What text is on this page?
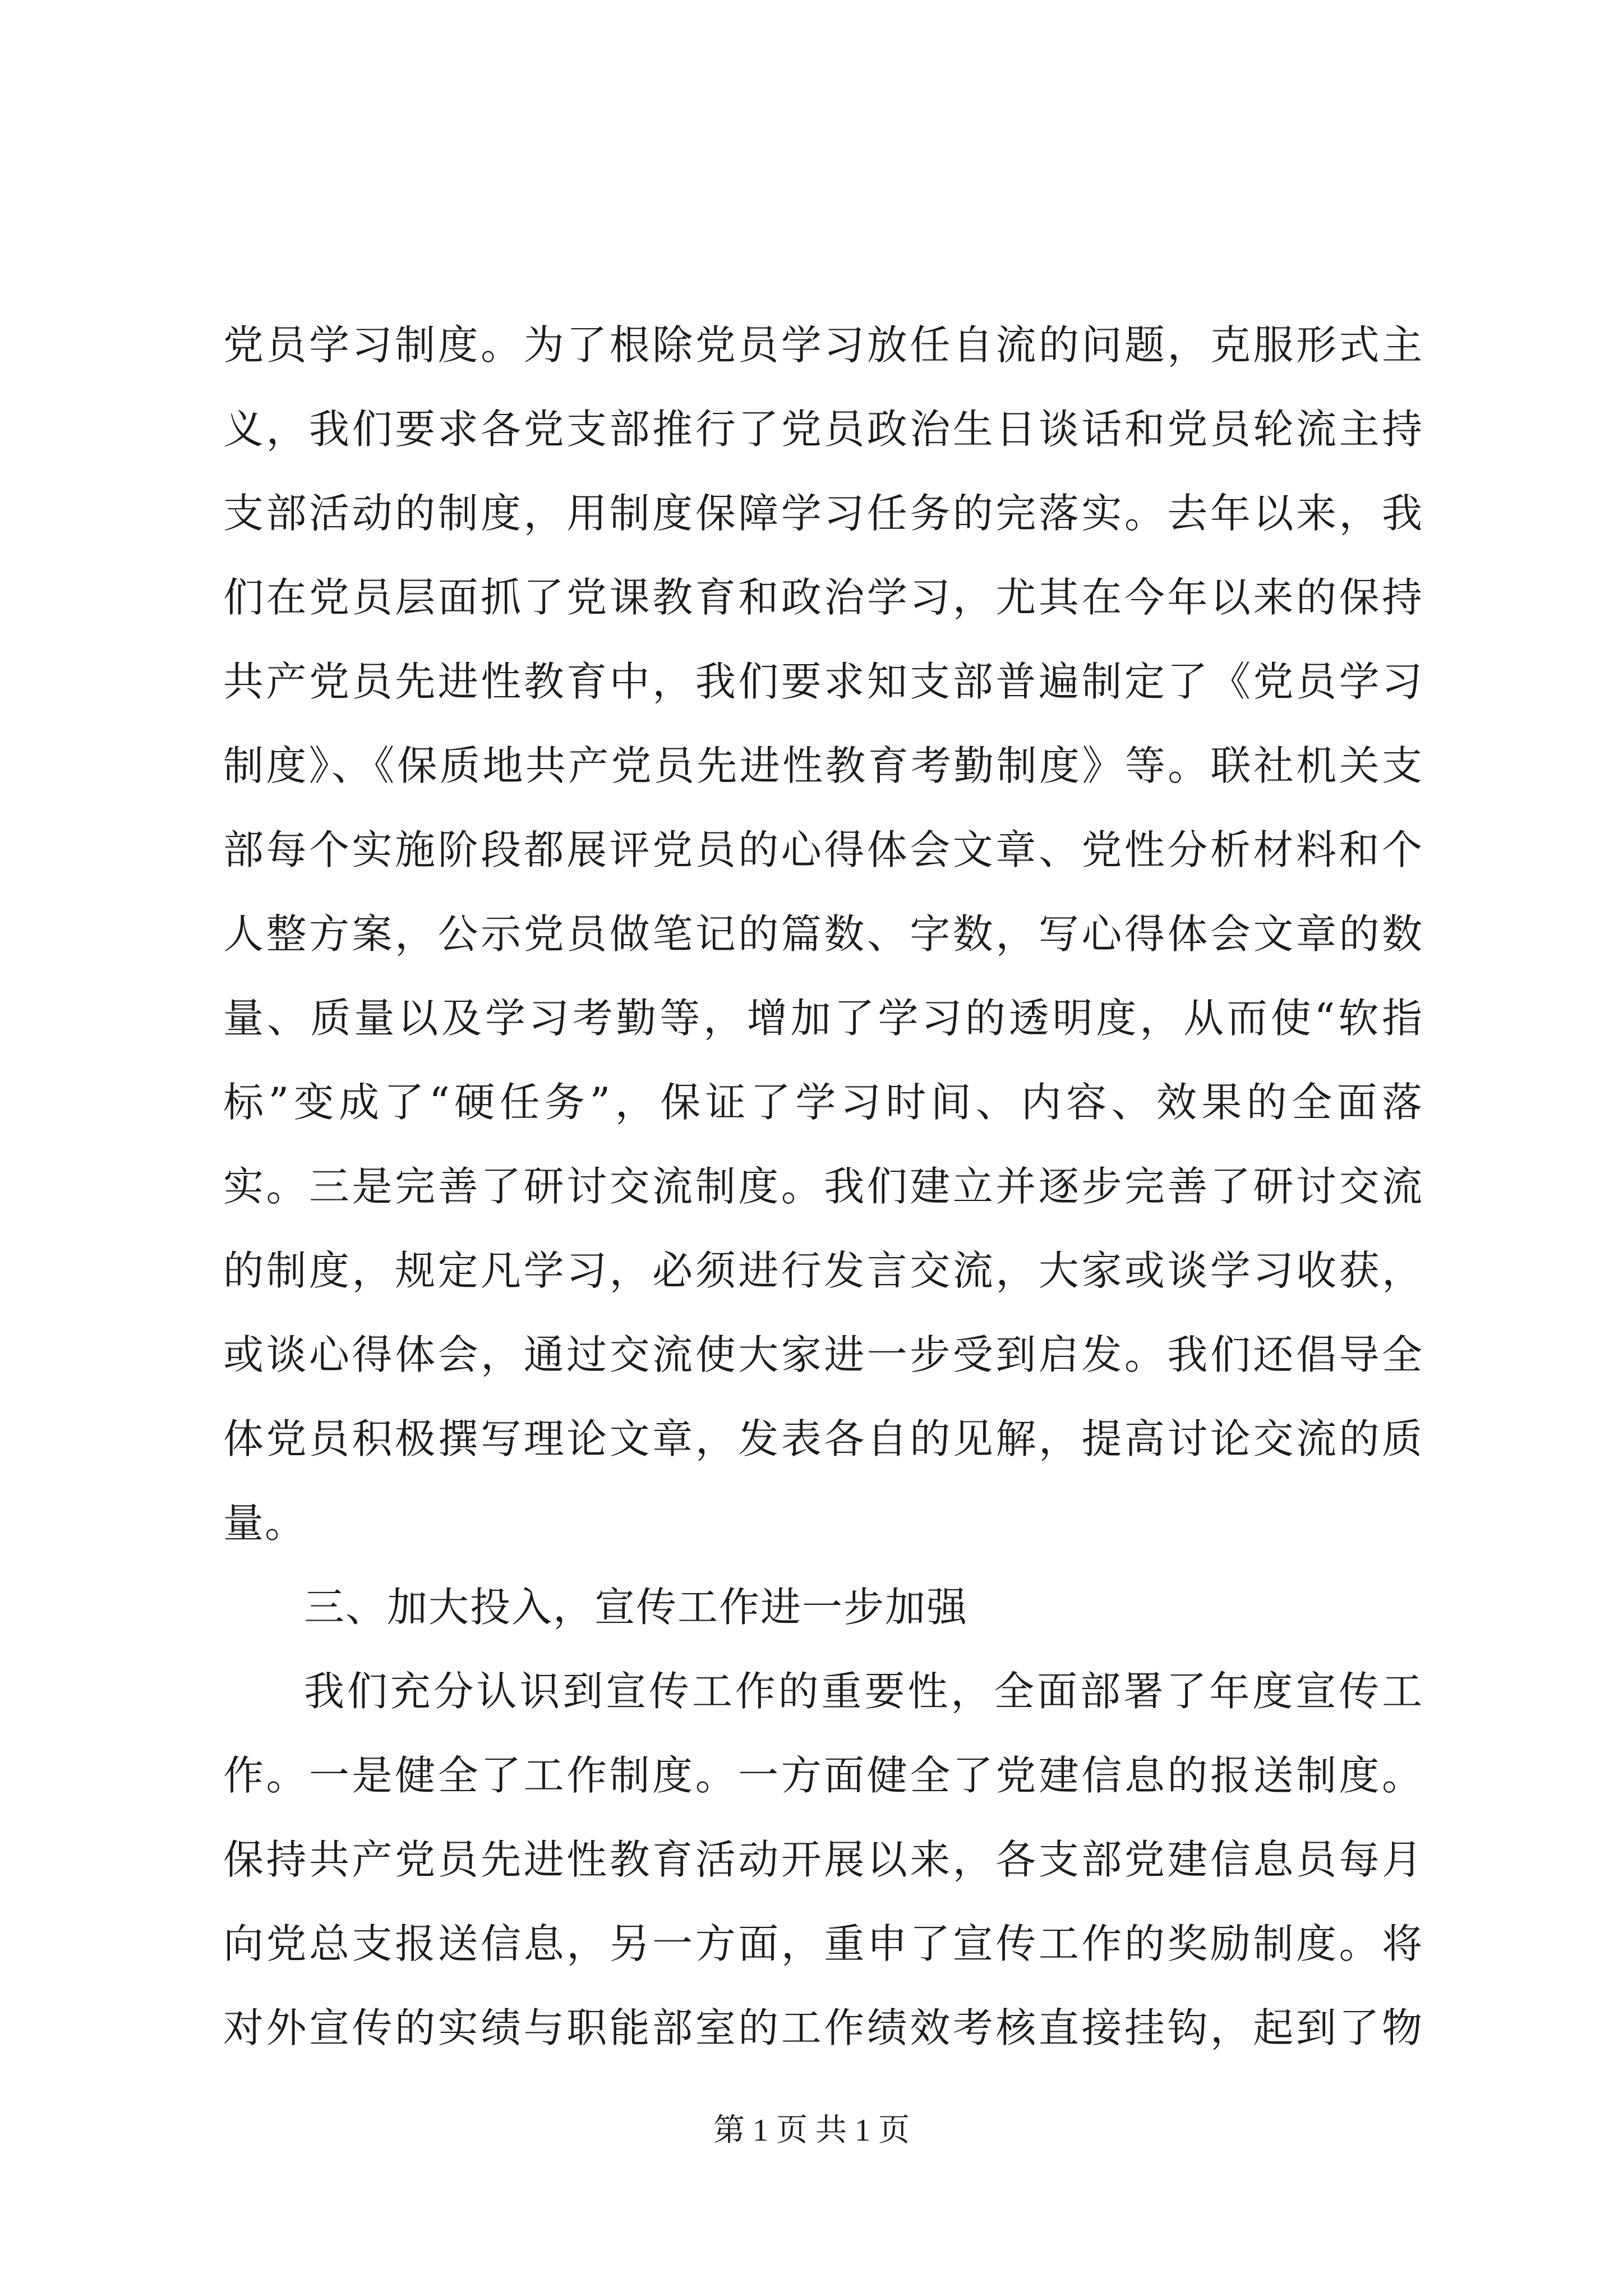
党员学习制度。为了根除党员学习放任自流的问题，克服形式主
义，我们要求各党支部推行了党员政治生日谈话和党员轮流主持
支部活动的制度，用制度保障学习任务的完落实。去年以来，我
们在党员层面抓了党课教育和政治学习，尤其在今年以来的保持
共产党员先进性教育中，我们要求知支部普遍制定了《党员学习
制度》、《保质地共产党员先进性教育考勤制度》等。联社机关支
部每个实施阶段都展评党员的心得体会文章、党性分析材料和个
人整方案，公示党员做笔记的篇数、字数，写心得体会文章的数
量、质量以及学习考勤等，增加了学习的透明度，从而使“软指
标”变成了“硬任务”，保证了学习时间、内容、效果的全面落
实。三是完善了研讨交流制度。我们建立并逐步完善了研讨交流
的制度，规定凡学习，必须进行发言交流，大家或谈学习收获，
或谈心得体会，通过交流使大家进一步受到启发。我们还倡导全
体党员积极撰写理论文章，发表各自的见解，提高讨论交流的质
量。
三、加大投入，宣传工作进一步加强
我们充分认识到宣传工作的重要性，全面部署了年度宣传工
作。一是健全了工作制度。一方面健全了党建信息的报送制度。
保持共产党员先进性教育活动开展以来，各支部党建信息员每月
向党总支报送信息，另一方面，重申了宣传工作的奖励制度。将
对外宣传的实绩与职能部室的工作绩效考核直接挂钩，起到了物
第 1 页 共 1 页
